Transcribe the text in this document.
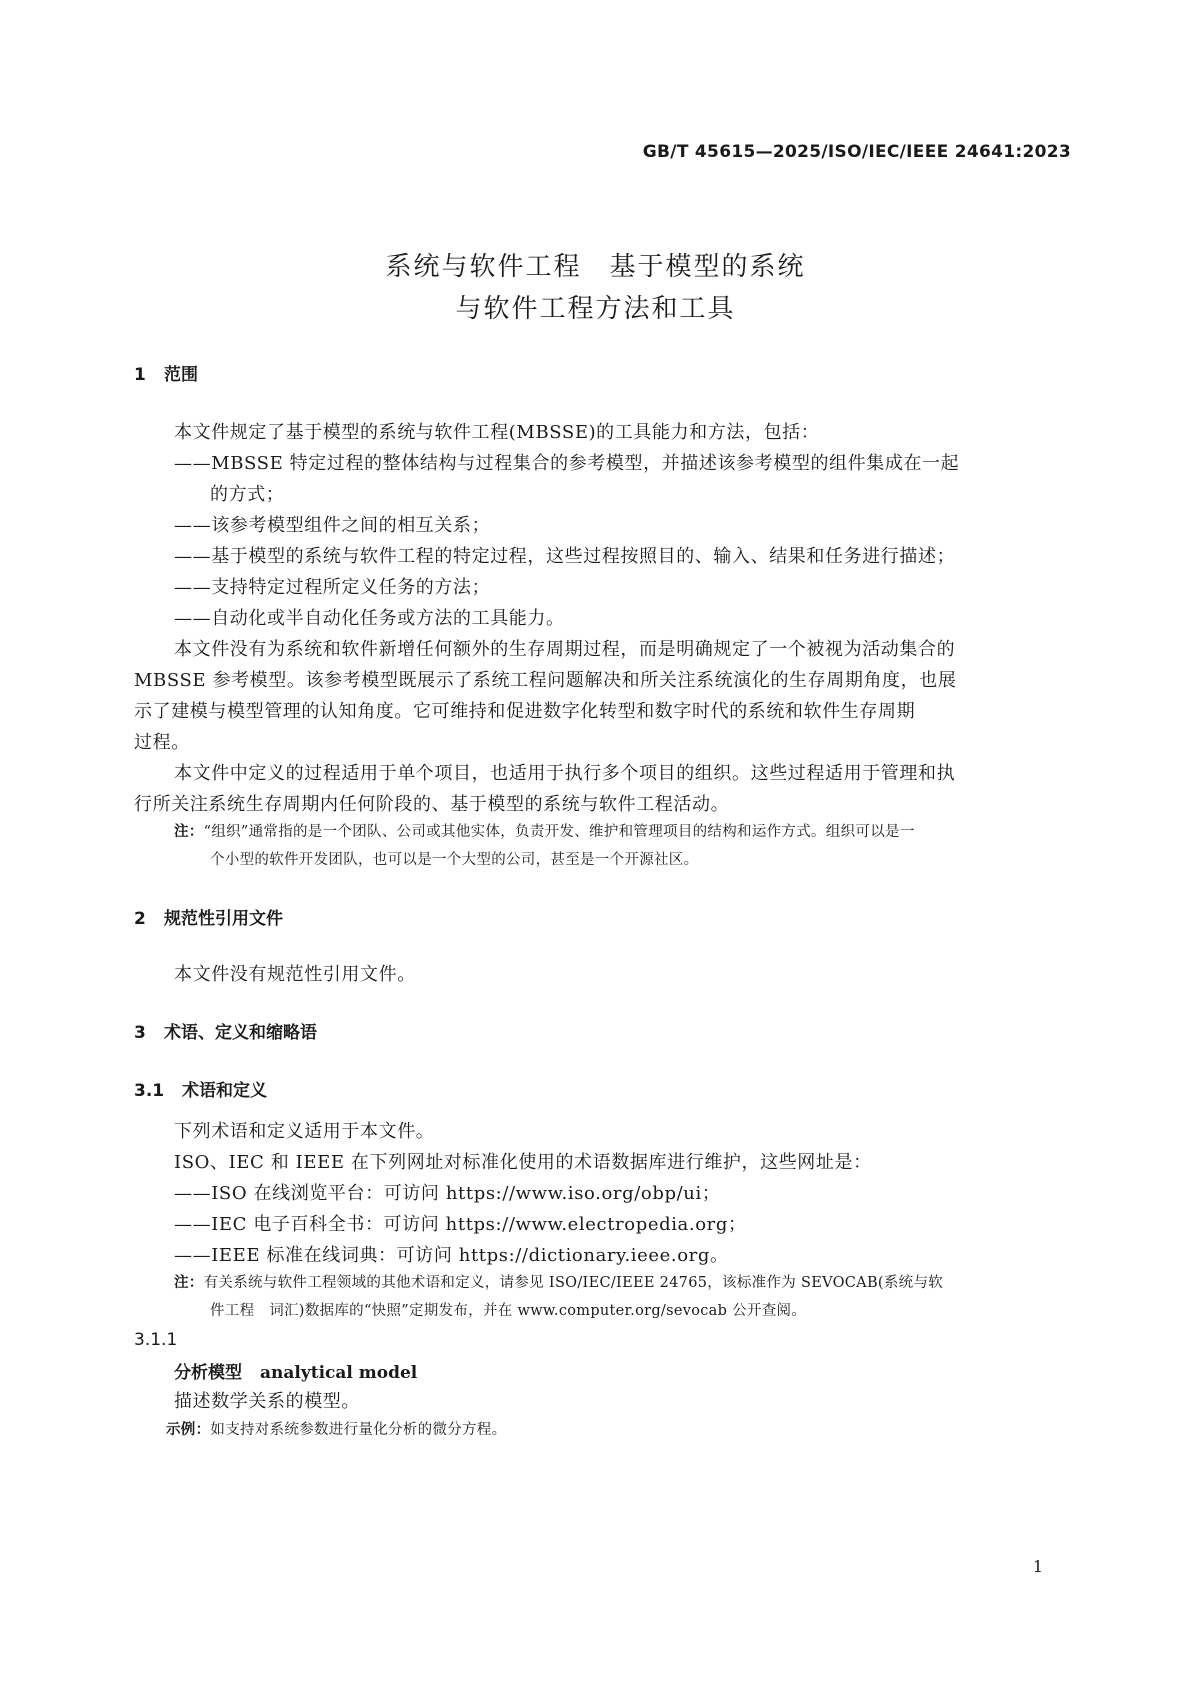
GB/T 45615—2025/ISO/IEC/IEEE 24641:2023
系统与软件工程　基于模型的系统
与软件工程方法和工具
1 范围
本文件规定了基于模型的系统与软件工程(MBSSE)的工具能力和方法，包括：
——MBSSE 特定过程的整体结构与过程集合的参考模型，并描述该参考模型的组件集成在一起
的方式；
——该参考模型组件之间的相互关系；
——基于模型的系统与软件工程的特定过程，这些过程按照目的、输入、结果和任务进行描述；
——支持特定过程所定义任务的方法；
——自动化或半自动化任务或方法的工具能力。
本文件没有为系统和软件新增任何额外的生存周期过程，而是明确规定了一个被视为活动集合的
MBSSE 参考模型。该参考模型既展示了系统工程问题解决和所关注系统演化的生存周期角度，也展
示了建模与模型管理的认知角度。它可维持和促进数字化转型和数字时代的系统和软件生存周期
过程。
本文件中定义的过程适用于单个项目，也适用于执行多个项目的组织。这些过程适用于管理和执
行所关注系统生存周期内任何阶段的、基于模型的系统与软件工程活动。
注：“组织”通常指的是一个团队、公司或其他实体，负责开发、维护和管理项目的结构和运作方式。组织可以是一
个小型的软件开发团队，也可以是一个大型的公司，甚至是一个开源社区。
2 规范性引用文件
本文件没有规范性引用文件。
3 术语、定义和缩略语
3.1 术语和定义
下列术语和定义适用于本文件。
ISO、IEC 和 IEEE 在下列网址对标准化使用的术语数据库进行维护，这些网址是：
——ISO 在线浏览平台：可访问 https://www.iso.org/obp/ui；
——IEC 电子百科全书：可访问 https://www.electropedia.org；
——IEEE 标准在线词典：可访问 https://dictionary.ieee.org。
注：有关系统与软件工程领域的其他术语和定义，请参见 ISO/IEC/IEEE 24765，该标准作为 SEVOCAB(系统与软
件工程　词汇)数据库的“快照”定期发布，并在 www.computer.org/sevocab 公开查阅。
3.1.1
分析模型 analytical model
描述数学关系的模型。
示例：如支持对系统参数进行量化分析的微分方程。
1
